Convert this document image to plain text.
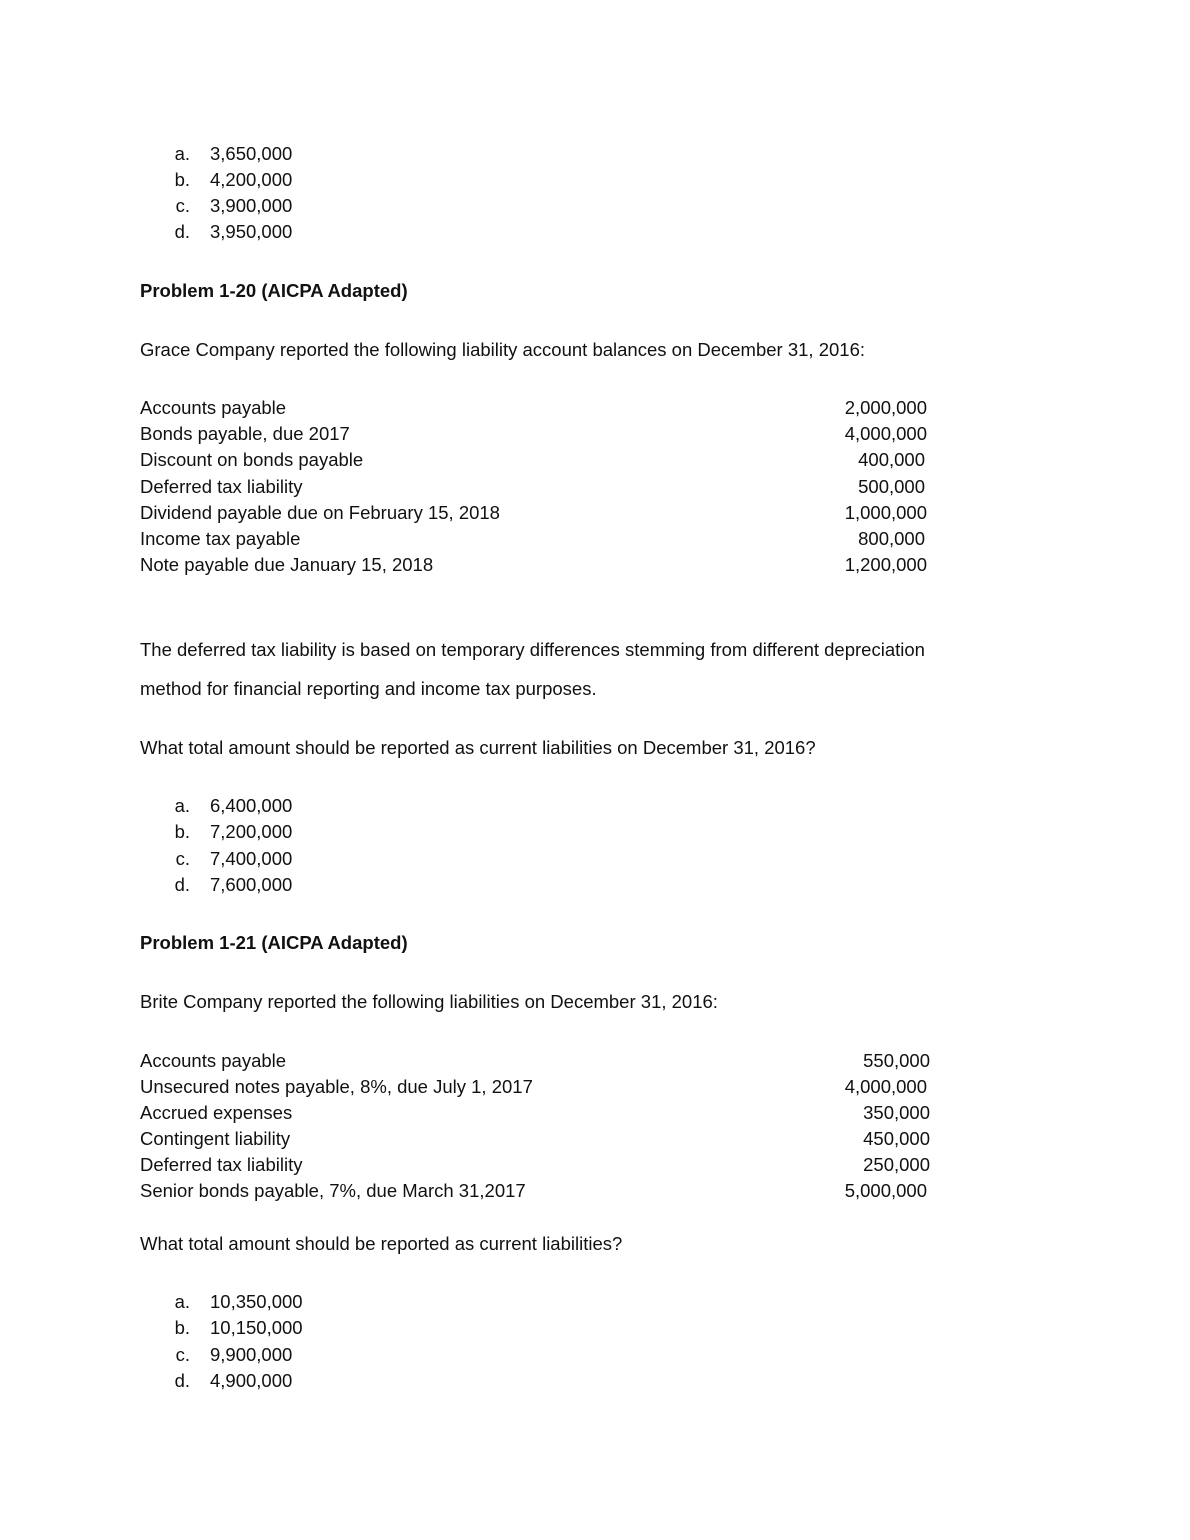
a. 3,650,000
b. 4,200,000
c. 3,900,000
d. 3,950,000
Problem 1-20 (AICPA Adapted)
Grace Company reported the following liability account balances on December 31, 2016:
Accounts payable	2,000,000
Bonds payable, due 2017	4,000,000
Discount on bonds payable	400,000
Deferred tax liability	500,000
Dividend payable due on February 15, 2018	1,000,000
Income tax payable	800,000
Note payable due January 15, 2018	1,200,000
The deferred tax liability is based on temporary differences stemming from different depreciation
method for financial reporting and income tax purposes.
What total amount should be reported as current liabilities on December 31, 2016?
a. 6,400,000
b. 7,200,000
c. 7,400,000
d. 7,600,000
Problem 1-21 (AICPA Adapted)
Brite Company reported the following liabilities on December 31, 2016:
Accounts payable	550,000
Unsecured notes payable, 8%, due July 1, 2017	4,000,000
Accrued expenses	350,000
Contingent liability	450,000
Deferred tax liability	250,000
Senior bonds payable, 7%, due March 31,2017	5,000,000
What total amount should be reported as current liabilities?
a. 10,350,000
b. 10,150,000
c. 9,900,000
d. 4,900,000
